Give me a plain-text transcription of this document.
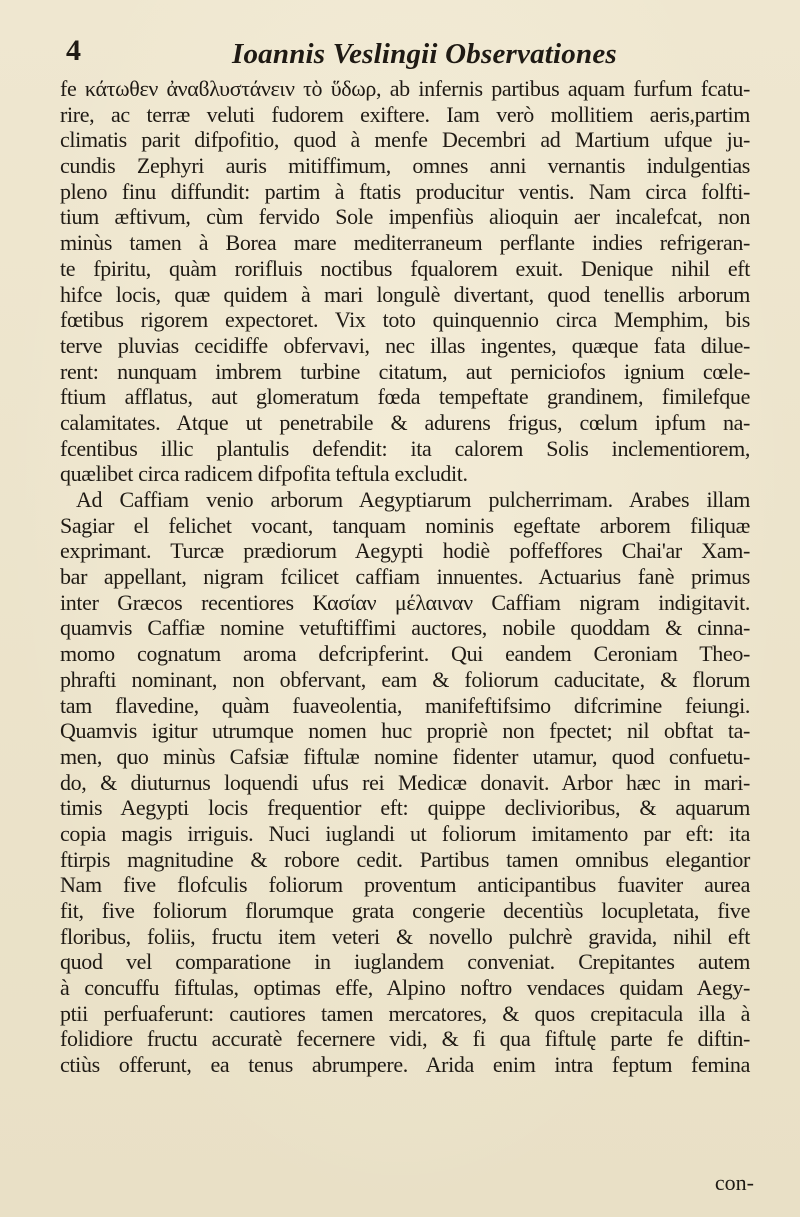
4	Ioannis Veslingii Observationes
fe κάτωθεν ἀναϐλυστάνειν τὸ ὕδωρ, ab infernis partibus aquam furfum fcatu-
rire, ac terræ veluti fudorem exiftere. Iam verò mollitiem aeris,partim
climatis parit difpofitio, quod à menfe Decembri ad Martium ufque ju-
cundis Zephyri auris mitiffimum, omnes anni vernantis indulgentias
pleno finu diffundit: partim à ftatis producitur ventis. Nam circa folfti-
tium æftivum, cùm fervido Sole impenfiùs alioquin aer incalefcat, non
minùs tamen à Borea mare mediterraneum perflante indies refrigeran-
te fpiritu, quàm rorifluis noctibus fqualorem exuit. Denique nihil eft
hifce locis, quæ quidem à mari longulè divertant, quod tenellis arborum
fœtibus rigorem expectoret. Vix toto quinquennio circa Memphim, bis
terve pluvias cecidiffe obfervavi, nec illas ingentes, quæque fata dilue-
rent: nunquam imbrem turbine citatum, aut perniciofos ignium cœle-
ftium afflatus, aut glomeratum fœda tempeftate grandinem, fimilefque
calamitates. Atque ut penetrabile & adurens frigus, cœlum ipfum na-
fcentibus illic plantulis defendit: ita calorem Solis inclementiorem,
quælibet circa radicem difpofita teftula excludit.
Ad Caffiam venio arborum Aegyptiarum pulcherrimam. Arabes illam
Sagiar el felichet vocant, tanquam nominis egeftate arborem filiquæ
exprimant. Turcæ prædiorum Aegypti hodiè poffeffores Chai'ar Xam-
bar appellant, nigram fcilicet caffiam innuentes. Actuarius fanè primus
inter Græcos recentiores Κασίαν μέλαιναν Caffiam nigram indigitavit.
quamvis Caffiæ nomine vetuftiffimi auctores, nobile quoddam & cinna-
momo cognatum aroma defcripferint. Qui eandem Ceroniam Theo-
phrafti nominant, non obfervant, eam & foliorum caducitate, & florum
tam flavedine, quàm fuaveolentia, manifeftifsimo difcrimine feiungi.
Quamvis igitur utrumque nomen huc propriè non fpectet; nil obftat ta-
men, quo minùs Cafsiæ fiftulæ nomine fidenter utamur, quod confuetu-
do, & diuturnus loquendi ufus rei Medicæ donavit. Arbor hæc in mari-
timis Aegypti locis frequentior eft: quippe declivioribus, & aquarum
copia magis irriguis. Nuci iuglandi ut foliorum imitamento par eft: ita
ftirpis magnitudine & robore cedit. Partibus tamen omnibus elegantior
Nam five flofculis foliorum proventum anticipantibus fuaviter aurea
fit, five foliorum florumque grata congerie decentiùs locupletata, five
floribus, foliis, fructu item veteri & novello pulchrè gravida, nihil eft
quod vel comparatione in iuglandem conveniat. Crepitantes autem
à concuffu fiftulas, optimas effe, Alpino noftro vendaces quidam Aegy-
ptii perfuaferunt: cautiores tamen mercatores, & quos crepitacula illa à
folidiore fructu accuratè fecernere vidi, & fi qua fiftulę parte fe diftin-
ctiùs offerunt, ea tenus abrumpere. Arida enim intra feptum femina
con-
